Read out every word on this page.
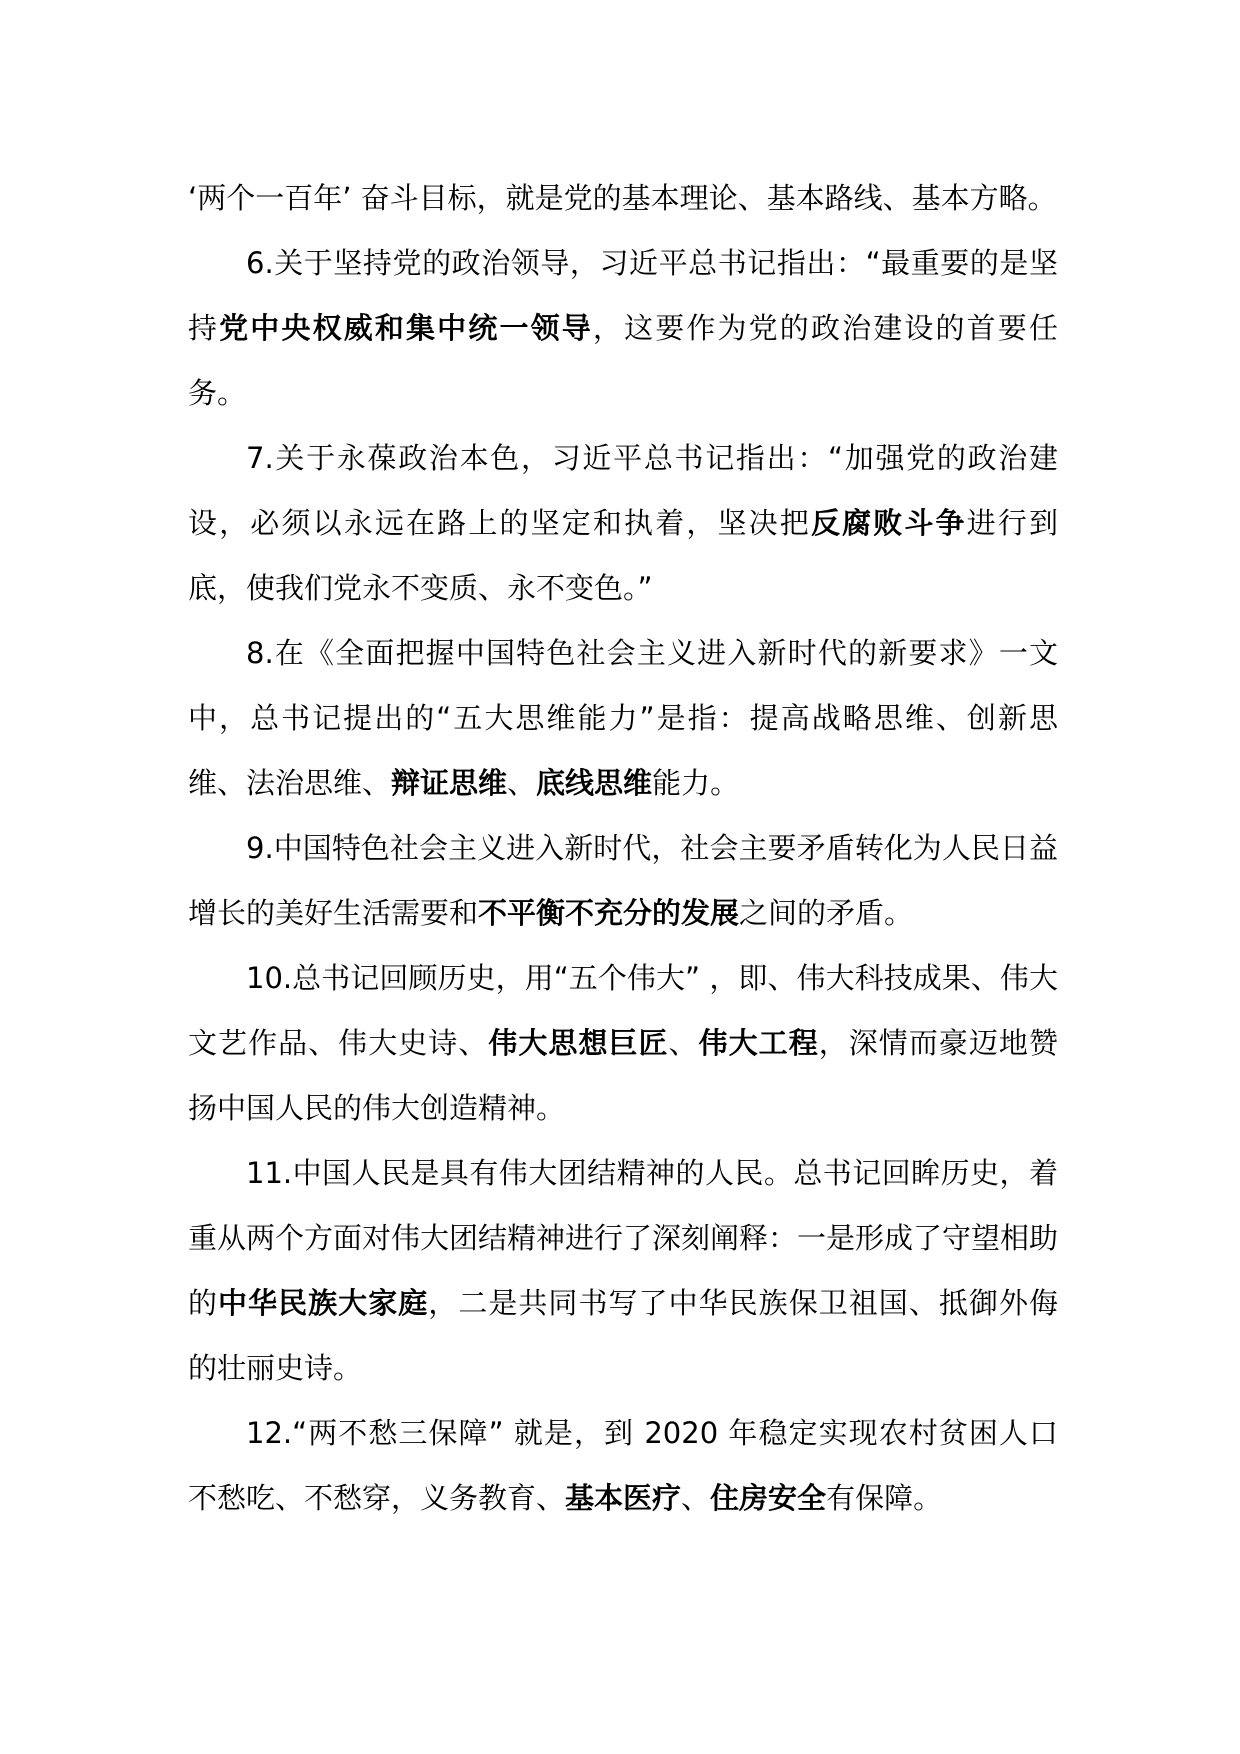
‘两个一百年’ 奋斗目标，就是党的基本理论、基本路线、基本方略。

6.关于坚持党的政治领导，习近平总书记指出：“最重要的是坚持党中央权威和集中统一领导，这要作为党的政治建设的首要任务。

7.关于永葆政治本色，习近平总书记指出：“加强党的政治建设，必须以永远在路上的坚定和执着，坚决把反腐败斗争进行到底，使我们党永不变质、永不变色。”

8.在《全面把握中国特色社会主义进入新时代的新要求》一文中，总书记提出的“五大思维能力”是指：提高战略思维、创新思维、法治思维、辩证思维、底线思维能力。

9.中国特色社会主义进入新时代，社会主要矛盾转化为人民日益增长的美好生活需要和不平衡不充分的发展之间的矛盾。

10.总书记回顾历史，用“五个伟大” ，即、伟大科技成果、伟大文艺作品、伟大史诗、伟大思想巨匠、伟大工程，深情而豪迈地赞扬中国人民的伟大创造精神。

11.中国人民是具有伟大团结精神的人民。总书记回眸历史，着重从两个方面对伟大团结精神进行了深刻阐释：一是形成了守望相助的中华民族大家庭，二是共同书写了中华民族保卫祖国、抵御外侮的壮丽史诗。

12.“两不愁三保障” 就是，到 2020 年稳定实现农村贫困人口不愁吃、不愁穿，义务教育、基本医疗、住房安全有保障。
